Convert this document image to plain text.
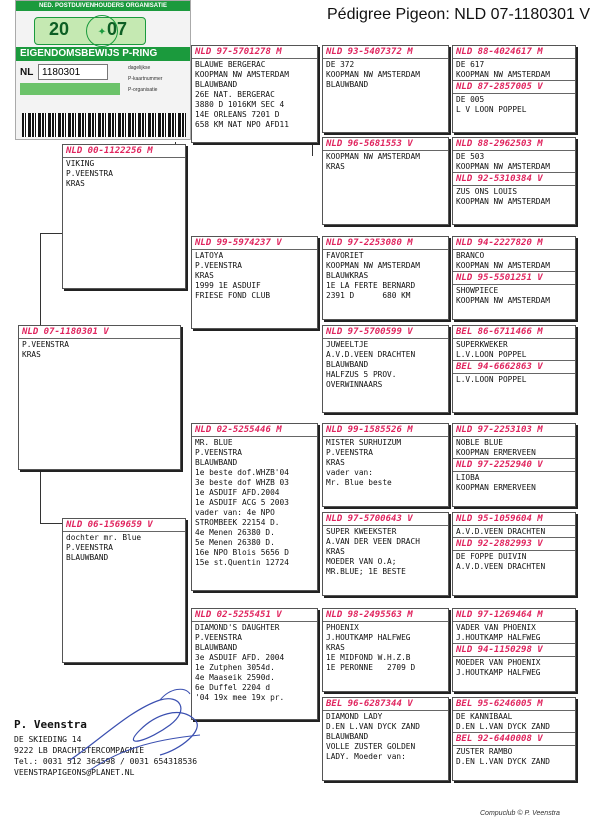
Pédigree Pigeon: NLD 07-1180301 V
NED. POSTDUIVENHOUDERS ORGANISATIE
20 07
✦
EIGENDOMSBEWIJS P-RING
NL 1180301	dagelijkse
P-kaartnummer
P-organisatie
NLD 07-1180301 V
P.VEENSTRA
KRAS
NLD 00-1122256 M
VIKING
P.VEENSTRA
KRAS
NLD 06-1569659 V
dochter mr. Blue
P.VEENSTRA
BLAUWBAND
NLD 97-5701278 M
BLAUWE BERGERAC
KOOPMAN NW AMSTERDAM
BLAUWBAND
26E NAT. BERGERAC
3880 D 1016KM SEC 4
14E ORLEANS 7201 D
658 KM NAT NPO AFD11
NLD 99-5974237 V
LATOYA
P.VEENSTRA
KRAS
1999 1E ASDUIF
FRIESE FOND CLUB
NLD 02-5255446 M
MR. BLUE
P.VEENSTRA
BLAUWBAND
1e beste dof.WHZB'04
3e beste dof WHZB 03
1e ASDUIF AFD.2004
1e ASDUIF ACG 5 2003
vader van: 4e NPO
STROMBEEK 22154 D.
4e Menen 26380 D.
5e Menen 26380 D.
16e NPO Blois 5656 D
15e st.Quentin 12724
NLD 02-5255451 V
DIAMOND'S DAUGHTER
P.VEENSTRA
BLAUWBAND
3e ASDUIF AFD. 2004
1e Zutphen 3054d.
4e Maaseik 2590d.
6e Duffel 2204 d
'04 19x mee 19x pr.
NLD 93-5407372 M
DE 372
KOOPMAN NW AMSTERDAM
BLAUWBAND
NLD 96-5681553 V
KOOPMAN NW AMSTERDAM
KRAS
NLD 97-2253080 M
FAVORIET
KOOPMAN NW AMSTERDAM
BLAUWKRAS
1E LA FERTE BERNARD
2391 D      680 KM
NLD 97-5700599 V
JUWEELTJE
A.V.D.VEEN DRACHTEN
BLAUWBAND
HALFZUS 5 PROV.
OVERWINNAARS
NLD 99-1585526 M
MISTER SURHUIZUM
P.VEENSTRA
KRAS
vader van:
Mr. Blue beste
NLD 97-5700643 V
SUPER KWEEKSTER
A.VAN DER VEEN DRACH
KRAS
MOEDER VAN O.A;
MR.BLUE; 1E BESTE
NLD 98-2495563 M
PHOENIX
J.HOUTKAMP HALFWEG
KRAS
1E MIDFOND W.H.Z.B
1E PERONNE   2709 D
BEL 96-6287344 V
DIAMOND LADY
D.EN L.VAN DYCK ZAND
BLAUWBAND
VOLLE ZUSTER GOLDEN
LADY. Moeder van:
NLD 88-4024617 M
DE 617
KOOPMAN NW AMSTERDAM
NLD 87-2857005 V
DE 005
L V LOON POPPEL
NLD 88-2962503 M
DE 503
KOOPMAN NW AMSTERDAM
NLD 92-5310384 V
ZUS ONS LOUIS
KOOPMAN NW AMSTERDAM
NLD 94-2227820 M
BRANCO
KOOPMAN NW AMSTERDAM
NLD 95-5501251 V
SHOWPIECE
KOOPMAN NW AMSTERDAM
BEL 86-6711466 M
SUPERKWEKER
L.V.LOON POPPEL
BEL 94-6662863 V
L.V.LOON POPPEL
NLD 97-2253103 M
NOBLE BLUE
KOOPMAN ERMERVEEN
NLD 97-2252940 V
LIOBA
KOOPMAN ERMERVEEN
NLD 95-1059604 M
A.V.D.VEEN DRACHTEN
NLD 92-2882993 V
DE FOPPE DUIVIN
A.V.D.VEEN DRACHTEN
NLD 97-1269464 M
VADER VAN PHOENIX
J.HOUTKAMP HALFWEG
NLD 94-1150298 V
MOEDER VAN PHOENIX
J.HOUTKAMP HALFWEG
BEL 95-6246005 M
DE KANNIBAAL
D.EN L.VAN DYCK ZAND
BEL 92-6440008 V
ZUSTER RAMBO
D.EN L.VAN DYCK ZAND
P. Veenstra
DE SKIEDING 14
9222 LB DRACHTSTERCOMPAGNIE
Tel.: 0031 512 364598 / 0031 654318536
VEENSTRAPIGEONS@PLANET.NL
Compuclub © P. Veenstra
